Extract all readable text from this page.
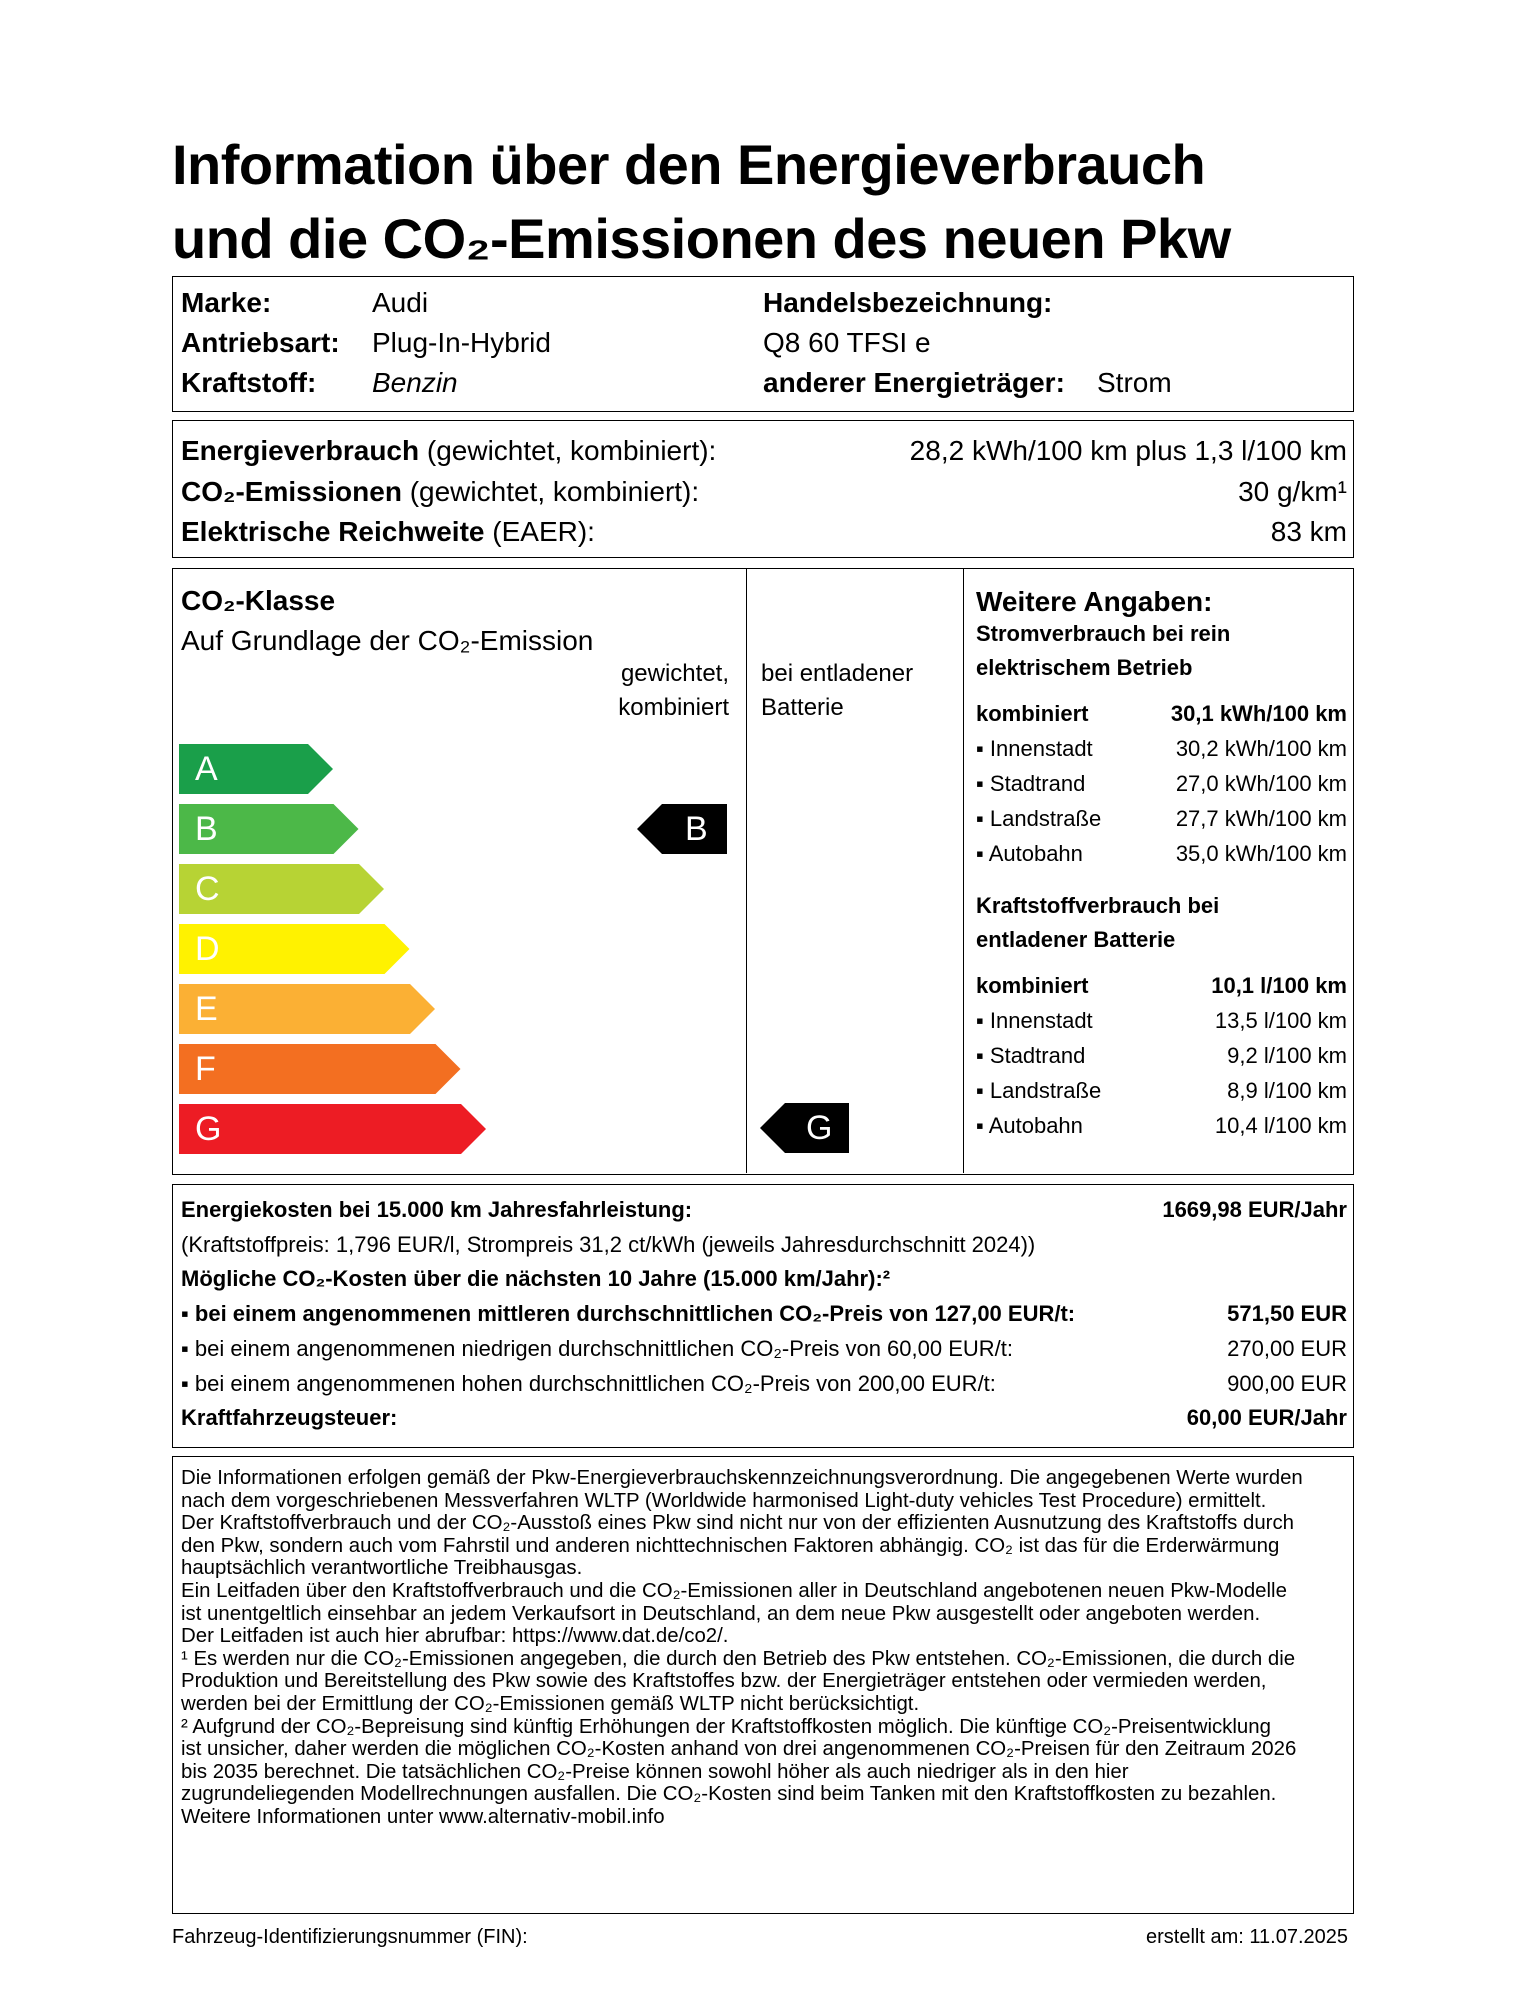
Information über den Energieverbrauch
und die CO₂-Emissionen des neuen Pkw
Marke:	Audi
Antriebsart: Plug-In-Hybrid
Kraftstoff: Benzin
Handelsbezeichnung:
Q8 60 TFSI e
anderer Energieträger: Strom
Energieverbrauch (gewichtet, kombiniert):	28,2 kWh/100 km plus 1,3 l/100 km
CO₂-Emissionen (gewichtet, kombiniert):	30 g/km¹
Elektrische Reichweite (EAER):	83 km
CO₂-Klasse
Auf Grundlage der CO₂-Emission
gewichtet,
kombiniert
bei entladener
Batterie
A
B
C
D
E
F
G
B
G
Weitere Angaben:
Stromverbrauch bei rein
elektrischem Betrieb
kombiniert	30,1 kWh/100 km
▪ Innenstadt	30,2 kWh/100 km
▪ Stadtrand	27,0 kWh/100 km
▪ Landstraße	27,7 kWh/100 km
▪ Autobahn	35,0 kWh/100 km
Kraftstoffverbrauch bei
entladener Batterie
kombiniert	10,1 l/100 km
▪ Innenstadt	13,5 l/100 km
▪ Stadtrand	9,2 l/100 km
▪ Landstraße	8,9 l/100 km
▪ Autobahn	10,4 l/100 km
Energiekosten bei 15.000 km Jahresfahrleistung:	1669,98 EUR/Jahr
(Kraftstoffpreis: 1,796 EUR/l, Strompreis 31,2 ct/kWh (jeweils Jahresdurchschnitt 2024))
Mögliche CO₂-Kosten über die nächsten 10 Jahre (15.000 km/Jahr):²
▪ bei einem angenommenen mittleren durchschnittlichen CO₂-Preis von 127,00 EUR/t:	571,50 EUR
▪ bei einem angenommenen niedrigen durchschnittlichen CO₂-Preis von 60,00 EUR/t:	270,00 EUR
▪ bei einem angenommenen hohen durchschnittlichen CO₂-Preis von 200,00 EUR/t:	900,00 EUR
Kraftfahrzeugsteuer:	60,00 EUR/Jahr
Die Informationen erfolgen gemäß der Pkw-Energieverbrauchskennzeichnungsverordnung. Die angegebenen Werte wurden
nach dem vorgeschriebenen Messverfahren WLTP (Worldwide harmonised Light-duty vehicles Test Procedure) ermittelt.
Der Kraftstoffverbrauch und der CO₂-Ausstoß eines Pkw sind nicht nur von der effizienten Ausnutzung des Kraftstoffs durch
den Pkw, sondern auch vom Fahrstil und anderen nichttechnischen Faktoren abhängig. CO₂ ist das für die Erderwärmung
hauptsächlich verantwortliche Treibhausgas.
Ein Leitfaden über den Kraftstoffverbrauch und die CO₂-Emissionen aller in Deutschland angebotenen neuen Pkw-Modelle
ist unentgeltlich einsehbar an jedem Verkaufsort in Deutschland, an dem neue Pkw ausgestellt oder angeboten werden.
Der Leitfaden ist auch hier abrufbar: https://www.dat.de/co2/.
¹ Es werden nur die CO₂-Emissionen angegeben, die durch den Betrieb des Pkw entstehen. CO₂-Emissionen, die durch die
Produktion und Bereitstellung des Pkw sowie des Kraftstoffes bzw. der Energieträger entstehen oder vermieden werden,
werden bei der Ermittlung der CO₂-Emissionen gemäß WLTP nicht berücksichtigt.
² Aufgrund der CO₂-Bepreisung sind künftig Erhöhungen der Kraftstoffkosten möglich. Die künftige CO₂-Preisentwicklung
ist unsicher, daher werden die möglichen CO₂-Kosten anhand von drei angenommenen CO₂-Preisen für den Zeitraum 2026
bis 2035 berechnet. Die tatsächlichen CO₂-Preise können sowohl höher als auch niedriger als in den hier
zugrundeliegenden Modellrechnungen ausfallen. Die CO₂-Kosten sind beim Tanken mit den Kraftstoffkosten zu bezahlen.
Weitere Informationen unter www.alternativ-mobil.info
Fahrzeug-Identifizierungsnummer (FIN):	erstellt am: 11.07.2025
